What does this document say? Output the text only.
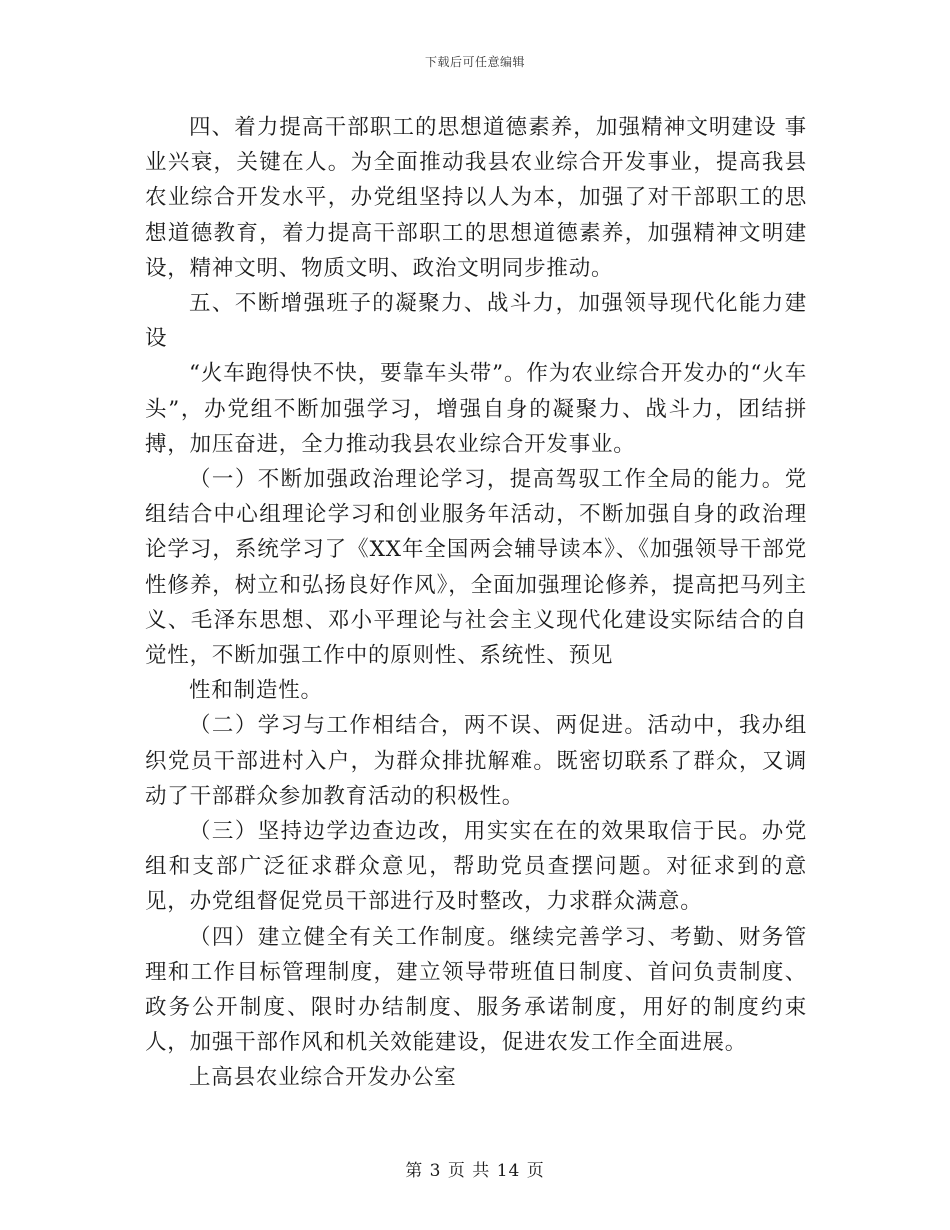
下载后可任意编辑

四、着力提高干部职工的思想道德素养，加强精神文明建设 事业兴衰，关键在人。为全面推动我县农业综合开发事业，提高我县农业综合开发水平，办党组坚持以人为本，加强了对干部职工的思想道德教育，着力提高干部职工的思想道德素养，加强精神文明建设，精神文明、物质文明、政治文明同步推动。

五、不断增强班子的凝聚力、战斗力，加强领导现代化能力建设

“火车跑得快不快，要靠车头带”。作为农业综合开发办的“火车头”，办党组不断加强学习，增强自身的凝聚力、战斗力，团结拼搏，加压奋进，全力推动我县农业综合开发事业。

（一）不断加强政治理论学习，提高驾驭工作全局的能力。党组结合中心组理论学习和创业服务年活动，不断加强自身的政治理论学习，系统学习了《XX年全国两会辅导读本》、《加强领导干部党性修养，树立和弘扬良好作风》，全面加强理论修养，提高把马列主义、毛泽东思想、邓小平理论与社会主义现代化建设实际结合的自觉性，不断加强工作中的原则性、系统性、预见

性和制造性。

（二）学习与工作相结合，两不误、两促进。活动中，我办组织党员干部进村入户，为群众排扰解难。既密切联系了群众，又调动了干部群众参加教育活动的积极性。

（三）坚持边学边查边改，用实实在在的效果取信于民。办党组和支部广泛征求群众意见，帮助党员查摆问题。对征求到的意见，办党组督促党员干部进行及时整改，力求群众满意。

（四）建立健全有关工作制度。继续完善学习、考勤、财务管理和工作目标管理制度，建立领导带班值日制度、首问负责制度、政务公开制度、限时办结制度、服务承诺制度，用好的制度约束人，加强干部作风和机关效能建设，促进农发工作全面进展。

上高县农业综合开发办公室

第 3 页 共 14 页
